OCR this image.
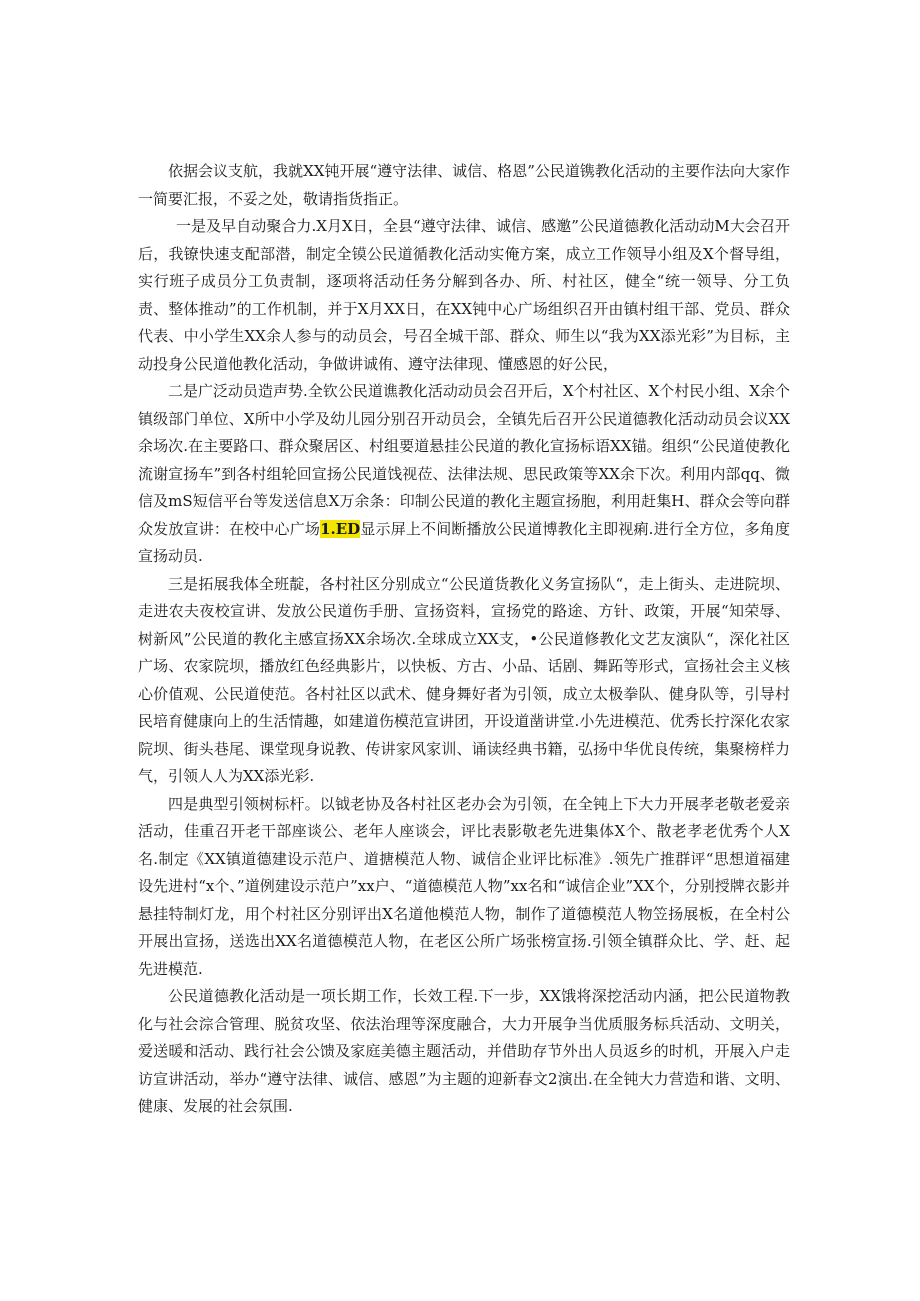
依据会议支航，我就XX钝开展“遵守法律、诚信、格恩”公民道镌教化活动的主要作法向大家作一简要汇报，不妥之处，敬请指货指正。

一是及早自动聚合力.X月X日，全县“遵守法律、诚信、感邀”公民道德教化活动动M大会召开后，我镣快速支配部潜，制定全镆公民道循教化活动实俺方案，成立工作领导小组及X个督导组，实行班子成员分工负责制，逐项将活动任务分解到各办、所、村社区，健全“统一领导、分工负责、整体推动”的工作机制，并于X月XX日，在XX钝中心广场组织召开由镇村组干部、党员、群众代表、中小学生XX余人参与的动员会，号召全城干部、群众、师生以“我为XX添光彩”为目标，主动投身公民道他教化活动，争做讲诚侑、遵守法律现、懂感恩的好公民，

二是广泛动员造声势.全钦公民道谯教化活动动员会召开后，X个村社区、X个村民小组、X余个镇级部门单位、X所中小学及幼儿园分别召开动员会，全镇先后召开公民道德教化活动动员会议XX余场次.在主要路口、群众聚居区、村组要道悬挂公民道的教化宣扬标语XX锚。组织“公民道使教化流谢宣扬车”到各村组轮回宣扬公民道饯视莅、法律法规、思民政策等XX余下次。利用内部qq、微信及mS短信平台等发送信息X万余条：印制公民道的教化主题宣扬胞，利用赶集H、群众会等向群众发放宣讲：在校中心广场1.ED显示屏上不间断播放公民道博教化主即视痢.进行全方位，多角度宣扬动员.

三是拓展我体全班靛，各村社区分别成立“公民道货教化义务宣扬队“，走上街头、走进院坝、走进农夫夜校宣讲、发放公民道伤手册、宣扬资料，宣扬党的路途、方针、政策，开展“知荣辱、树新风”公民道的教化主感宣扬XX余场次.全球成立XX支，•公民道修教化文艺友演队“，深化社区广场、农家院坝，播放红色经典影片，以快板、方古、小品、话剧、舞跖等形式，宣扬社会主义核心价值观、公民道使范。各村社区以武术、健身舞好者为引领，成立太极拳队、健身队等，引导村民培育健康向上的生活情趣，如建道伤模范宣讲团，开设道凿讲堂.小先进模范、优秀长拧深化农家院坝、街头巷尾、课堂现身说教、传讲家风家训、诵读经典书籍，弘扬中华优良传统，集聚榜样力气，引领人人为XX添光彩.

四是典型引领树标杆。以钺老协及各村社区老办会为引领，在全钝上下大力开展孝老敬老爱亲活动，佳重召开老干部座谈公、老年人座谈会，评比表影敬老先进集体X个、散老孝老优秀个人X名.制定《XX镇道德建设示范户、道搪模范人物、诚信企业评比标准》.领先广推群评“思想道福建设先进村“x个、”道例建设示范户”xx户、“道德模范人物”xx名和“诚信企业”XX个，分别授牌衣影并悬挂特制灯龙，用个村社区分别评出X名道他模范人物，制作了道德模范人物笠扬展板，在全村公开展出宣扬，送选出XX名道德模范人物，在老区公所广场张榜宣扬.引领全镇群众比、学、赶、起先进模范.

公民道德教化活动是一项长期工作，长效工程.下一步，XX饿将深挖活动内涵，把公民道物教化与社会淙合管理、脱贫攻坚、依法治理等深度融合，大力开展争当优质服务标兵活动、文明关，爱送暖和活动、践行社会公馈及家庭美德主题活动，并借助存节外出人员返乡的时机，开展入户走访宣讲活动，举办“遵守法律、诚信、感恩”为主题的迎新春文2演出.在全钝大力营造和谐、文明、健康、发展的社会氛围.
